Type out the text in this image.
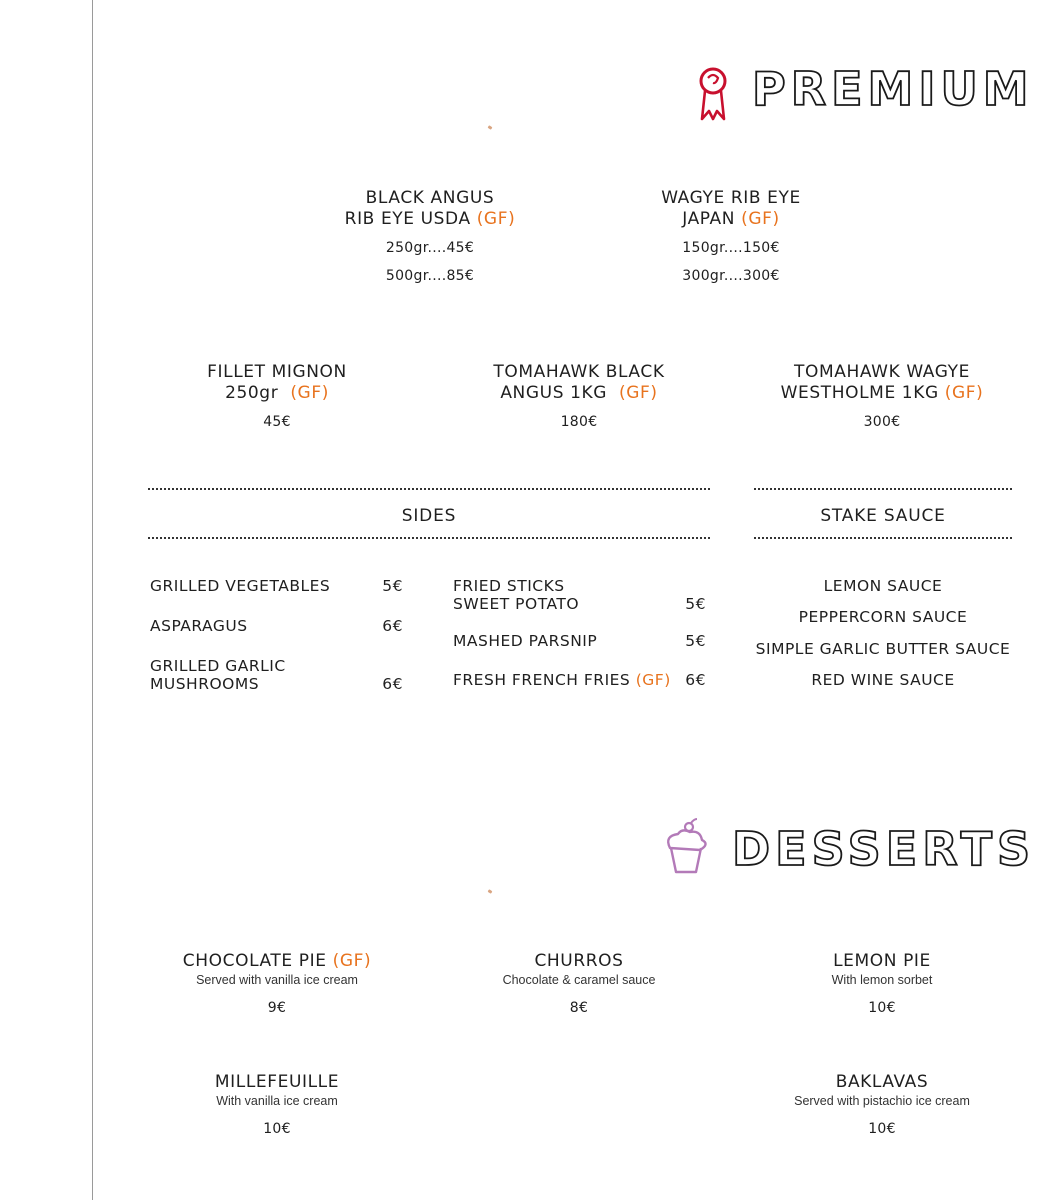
PREMIUM
BLACK ANGUS
RIB EYE USDA (GF)
250gr....45€
500gr....85€
WAGYE RIB EYE
JAPAN (GF)
150gr....150€
300gr....300€
FILLET MIGNON
250gr (GF)
45€
TOMAHAWK BLACK
ANGUS 1KG (GF)
180€
TOMAHAWK WAGYE
WESTHOLME 1KG (GF)
300€
SIDES	STAKE SAUCE
GRILLED VEGETABLES	5€
ASPARAGUS	6€
GRILLED GARLIC
MUSHROOMS	6€
FRIED STICKS
SWEET POTATO	5€
MASHED PARSNIP	5€
FRESH FRENCH FRIES (GF) 6€
LEMON SAUCE
PEPPERCORN SAUCE
SIMPLE GARLIC BUTTER SAUCE
RED WINE SAUCE
DESSERTS
CHOCOLATE PIE (GF)
Served with vanilla ice cream
9€
CHURROS
Chocolate & caramel sauce
8€
LEMON PIE
With lemon sorbet
10€
MILLEFEUILLE
With vanilla ice cream
10€
BAKLAVAS
Served with pistachio ice cream
10€
